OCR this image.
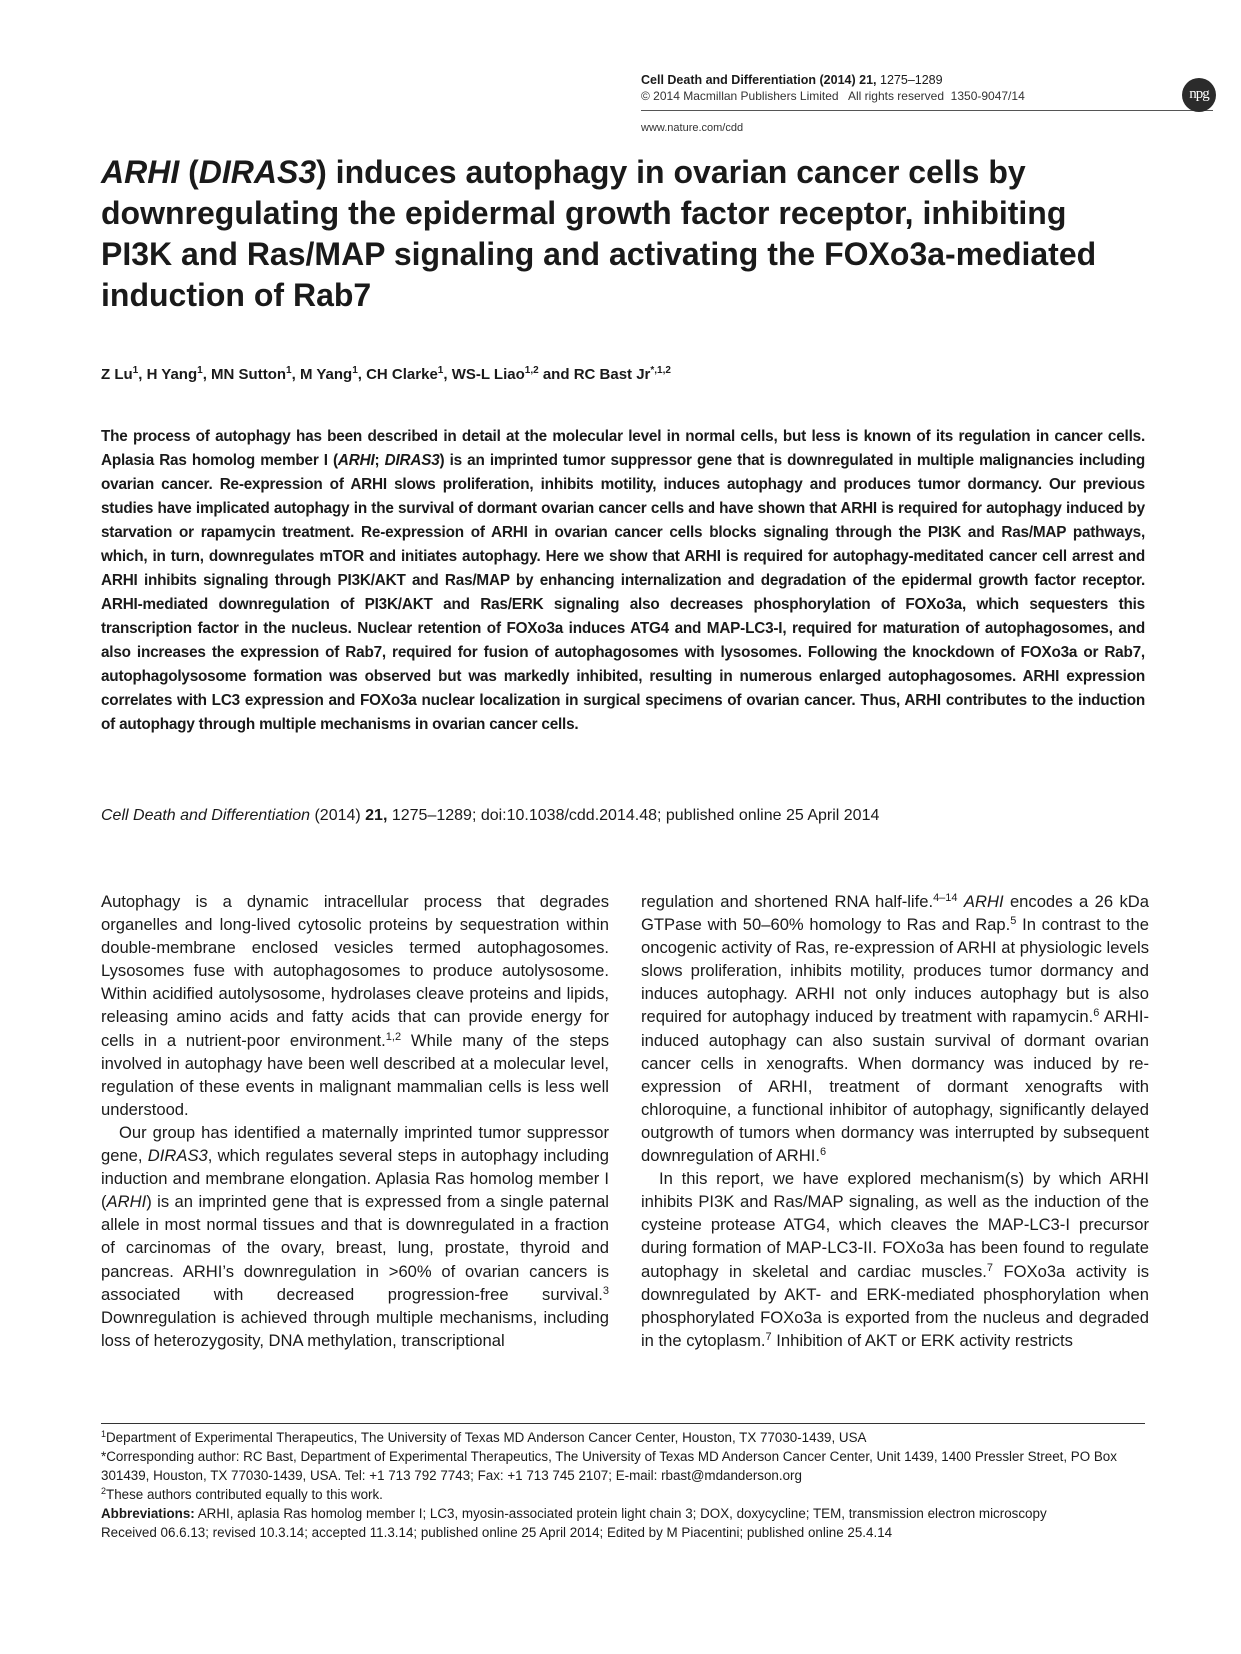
Cell Death and Differentiation (2014) 21, 1275–1289
© 2014 Macmillan Publishers Limited All rights reserved 1350-9047/14
www.nature.com/cdd
npg
ARHI (DIRAS3) induces autophagy in ovarian cancer cells by downregulating the epidermal growth factor receptor, inhibiting PI3K and Ras/MAP signaling and activating the FOXo3a-mediated induction of Rab7

Z Lu$^1$, H Yang$^1$, MN Sutton$^1$, M Yang$^1$, CH Clarke$^1$, WS-L Liao$^{1,2}$ and RC Bast $Jr^{*,1,2}$

The process of autophagy has been described in detail at the molecular level in normal cells, but less is known of its regulation in cancer cells. Aplasia Ras homolog member I (ARHI; DIRAS3) is an imprinted tumor suppressor gene that is downregulated in multiple malignancies including ovarian cancer. Re-expression of ARHI slows proliferation, inhibits motility, induces autophagy and produces tumor dormancy. Our previous studies have implicated autophagy in the survival of dormant ovarian cancer cells and have shown that ARHI is required for autophagy induced by starvation or rapamycin treatment. Re-expression of ARHI in ovarian cancer cells blocks signaling through the PI3K and Ras/MAP pathways, which, in turn, downregulates mTOR and initiates autophagy. Here we show that ARHI is required for autophagy-meditated cancer cell arrest and ARHI inhibits signaling through PI3K/AKT and Ras/MAP by enhancing internalization and degradation of the epidermal growth factor receptor. ARHI-mediated downregulation of PI3K/AKT and Ras/ERK signaling also decreases phosphorylation of FOXo3a, which sequesters this transcription factor in the nucleus. Nuclear retention of FOXo3a induces ATG4 and MAP-LC3-I, required for maturation of autophagosomes, and also increases the expression of Rab7, required for fusion of autophagosomes with lysosomes. Following the knockdown of FOXo3a or Rab7, autophagolysosome formation was observed but was markedly inhibited, resulting in numerous enlarged autophagosomes. ARHI expression correlates with LC3 expression and FOXo3a nuclear localization in surgical specimens of ovarian cancer. Thus, ARHI contributes to the induction of autophagy through multiple mechanisms in ovarian cancer cells.

Cell Death and Differentiation (2014) 21, 1275–1289; doi:10.1038/cdd.2014.48; published online 25 April 2014

Autophagy is a dynamic intracellular process that degrades organelles and long-lived cytosolic proteins by sequestration within double-membrane enclosed vesicles termed autophagosomes. Lysosomes fuse with autophagosomes to produce autolysosome. Within acidified autolysosome, hydrolases cleave proteins and lipids, releasing amino acids and fatty acids that can provide energy for cells in a nutrient-poor environment.$^{1,2}$ While many of the steps involved in autophagy have been well described at a molecular level, regulation of these events in malignant mammalian cells is less well understood.

Our group has identified a maternally imprinted tumor suppressor gene, DIRAS3, which regulates several steps in autophagy including induction and membrane elongation. Aplasia Ras homolog member I (ARHI) is an imprinted gene that is expressed from a single paternal allele in most normal tissues and that is downregulated in a fraction of carcinomas of the ovary, breast, lung, prostate, thyroid and pancreas. ARHI’s downregulation in >60% of ovarian cancers is associated with decreased progression-free survival.$^3$ Downregulation is achieved through multiple mechanisms, including loss of heterozygosity, DNA methylation, transcriptional

regulation and shortened RNA half-life.$^{4-14}$ ARHI encodes a 26 kDa GTPase with 50–60% homology to Ras and Rap.$^5$ In contrast to the oncogenic activity of Ras, re-expression of ARHI at physiologic levels slows proliferation, inhibits motility, produces tumor dormancy and induces autophagy. ARHI not only induces autophagy but is also required for autophagy induced by treatment with rapamycin.$^6$ ARHI-induced autophagy can also sustain survival of dormant ovarian cancer cells in xenografts. When dormancy was induced by re-expression of ARHI, treatment of dormant xenografts with chloroquine, a functional inhibitor of autophagy, significantly delayed outgrowth of tumors when dormancy was interrupted by subsequent downregulation of ARHI.$^6$

In this report, we have explored mechanism(s) by which ARHI inhibits PI3K and Ras/MAP signaling, as well as the induction of the cysteine protease ATG4, which cleaves the MAP-LC3-I precursor during formation of MAP-LC3-II. FOXo3a has been found to regulate autophagy in skeletal and cardiac muscles.$^7$ FOXo3a activity is downregulated by AKT- and ERK-mediated phosphorylation when phosphorylated FOXo3a is exported from the nucleus and degraded in the cytoplasm.$^7$ Inhibition of AKT or ERK activity restricts

$^1$Department of Experimental Therapeutics, The University of Texas MD Anderson Cancer Center, Houston, TX 77030-1439, USA

*Corresponding author: RC Bast, Department of Experimental Therapeutics, The University of Texas MD Anderson Cancer Center, Unit 1439, 1400 Pressler Street, PO Box 301439, Houston, TX 77030-1439, USA. Tel: +1 713 792 7743; Fax: +1 713 745 2107; E-mail: rbast@mdanderson.org

$^2$These authors contributed equally to this work.

Abbreviations: ARHI, aplasia Ras homolog member I; LC3, myosin-associated protein light chain 3; DOX, doxycycline; TEM, transmission electron microscopy

Received 06.6.13; revised 10.3.14; accepted 11.3.14; published online 25 April 2014; Edited by M Piacentini; published online 25.4.14
